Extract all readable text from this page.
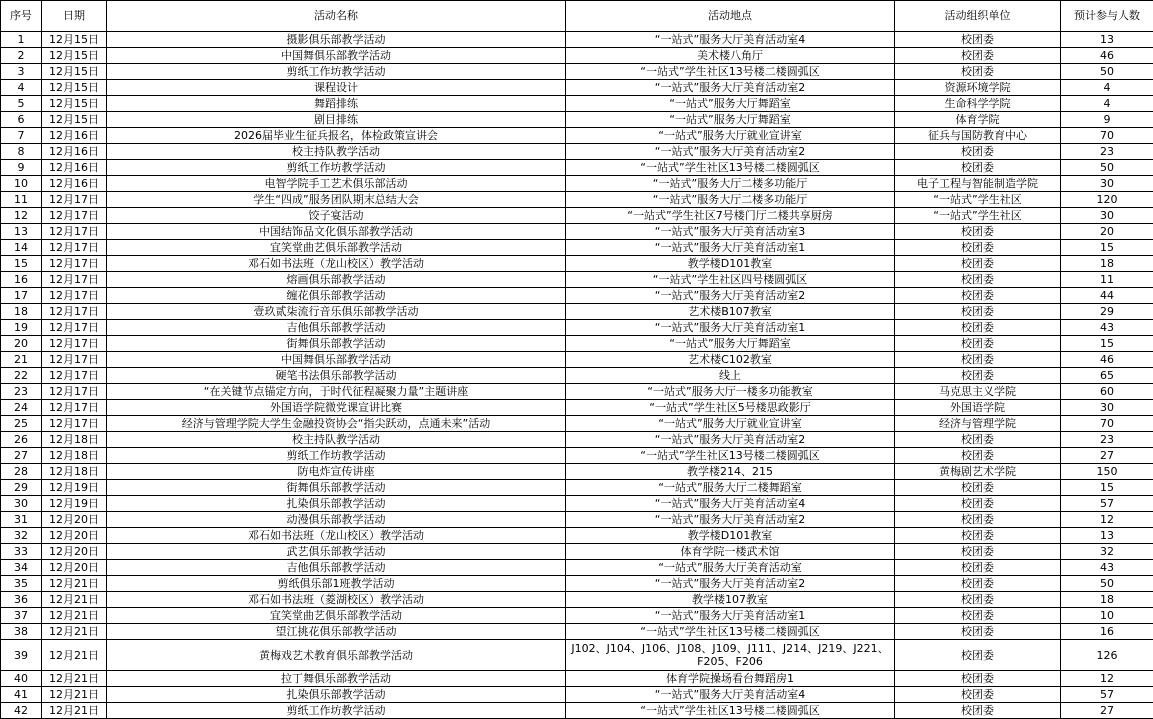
序号	日期	活动名称	活动地点	活动组织单位	预计参与人数
1	12月15日	摄影俱乐部教学活动	“一站式”服务大厅美育活动室4	校团委	13
2	12月15日	中国舞俱乐部教学活动	美术楼八角厅	校团委	46
3	12月15日	剪纸工作坊教学活动	“一站式”学生社区13号楼二楼圆弧区	校团委	50
4	12月15日	课程设计	“一站式”服务大厅美育活动室2	资源环境学院	4
5	12月15日	舞蹈排练	“一站式”服务大厅舞蹈室	生命科学学院	4
6	12月15日	剧目排练	“一站式”服务大厅舞蹈室	体育学院	9
7	12月16日	2026届毕业生征兵报名，体检政策宣讲会	“一站式”服务大厅就业宣讲室	征兵与国防教育中心	70
8	12月16日	校主持队教学活动	“一站式”服务大厅美育活动室2	校团委	23
9	12月16日	剪纸工作坊教学活动	“一站式”学生社区13号楼二楼圆弧区	校团委	50
10	12月16日	电智学院手工艺术俱乐部活动	“一站式”服务大厅二楼多功能厅	电子工程与智能制造学院	30
11	12月17日	学生“四成”服务团队期末总结大会	“一站式”服务大厅二楼多功能厅	“一站式”学生社区	120
12	12月17日	饺子宴活动	“一站式”学生社区7号楼门厅二楼共享厨房	“一站式”学生社区	30
13	12月17日	中国结饰品文化俱乐部教学活动	“一站式”服务大厅美育活动室3	校团委	20
14	12月17日	宜笑堂曲艺俱乐部教学活动	“一站式”服务大厅美育活动室1	校团委	15
15	12月17日	邓石如书法班（龙山校区）教学活动	教学楼D101教室	校团委	18
16	12月17日	熔画俱乐部教学活动	“一站式”学生社区四号楼圆弧区	校团委	11
17	12月17日	缠花俱乐部教学活动	“一站式”服务大厅美育活动室2	校团委	44
18	12月17日	壹玖贰柒流行音乐俱乐部教学活动	艺术楼B107教室	校团委	29
19	12月17日	吉他俱乐部教学活动	“一站式”服务大厅美育活动室1	校团委	43
20	12月17日	街舞俱乐部教学活动	“一站式”服务大厅舞蹈室	校团委	15
21	12月17日	中国舞俱乐部教学活动	艺术楼C102教室	校团委	46
22	12月17日	硬笔书法俱乐部教学活动	线上	校团委	65
23	12月17日	“在关键节点锚定方向，于时代征程凝聚力量”主题讲座	“一站式”服务大厅一楼多功能教室	马克思主义学院	60
24	12月17日	外国语学院微党课宣讲比赛	“一站式”学生社区5号楼思政影厅	外国语学院	30
25	12月17日	经济与管理学院大学生金融投资协会“指尖跃动，点通未来”活动	“一站式”服务大厅就业宣讲室	经济与管理学院	70
26	12月18日	校主持队教学活动	“一站式”服务大厅美育活动室2	校团委	23
27	12月18日	剪纸工作坊教学活动	“一站式”学生社区13号楼二楼圆弧区	校团委	27
28	12月18日	防电炸宣传讲座	教学楼214、215	黄梅剧艺术学院	150
29	12月19日	街舞俱乐部教学活动	“一站式”服务大厅二楼舞蹈室	校团委	15
30	12月19日	扎染俱乐部教学活动	“一站式”服务大厅美育活动室4	校团委	57
31	12月20日	动漫俱乐部教学活动	“一站式”服务大厅美育活动室2	校团委	12
32	12月20日	邓石如书法班（龙山校区）教学活动	教学楼D101教室	校团委	13
33	12月20日	武艺俱乐部教学活动	体育学院一楼武术馆	校团委	32
34	12月20日	吉他俱乐部教学活动	“一站式”服务大厅美育活动室	校团委	43
35	12月21日	剪纸俱乐部1班教学活动	“一站式”服务大厅美育活动室2	校团委	50
36	12月21日	邓石如书法班（菱湖校区）教学活动	教学楼107教室	校团委	18
37	12月21日	宜笑堂曲艺俱乐部教学活动	“一站式”服务大厅美育活动室1	校团委	10
38	12月21日	望江挑花俱乐部教学活动	“一站式”学生社区13号楼二楼圆弧区	校团委	16
39	12月21日	黄梅戏艺术教育俱乐部教学活动	J102、J104、J106、J108、J109、J111、J214、J219、J221、F205、F206	校团委	126
40	12月21日	拉丁舞俱乐部教学活动	体育学院操场看台舞蹈房1	校团委	12
41	12月21日	扎染俱乐部教学活动	“一站式”服务大厅美育活动室4	校团委	57
42	12月21日	剪纸工作坊教学活动	“一站式”学生社区13号楼二楼圆弧区	校团委	27
